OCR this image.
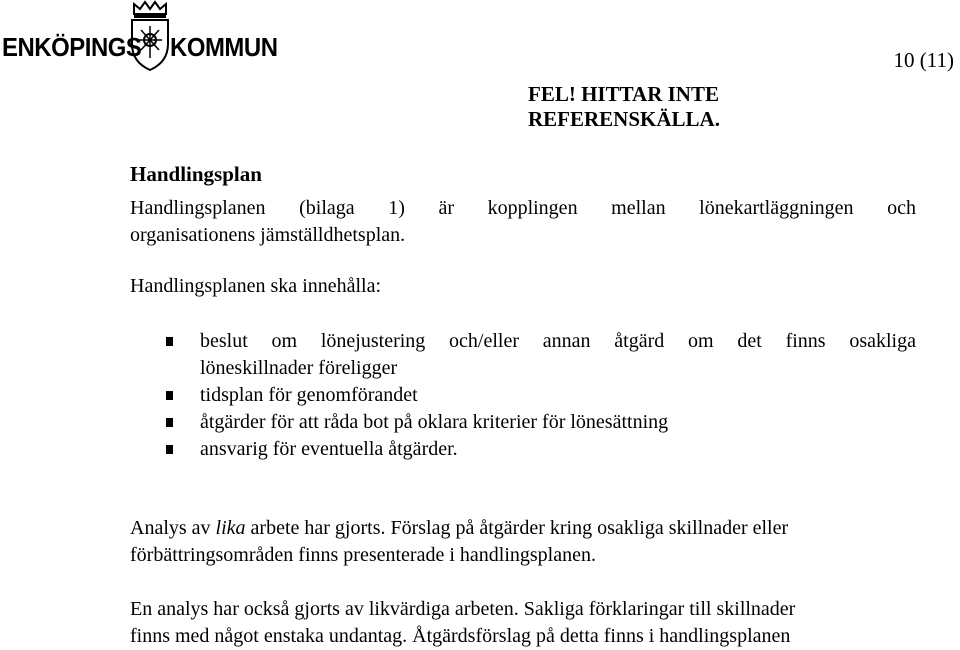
ENKÖPINGS KOMMUN	10 (11)
FEL! HITTAR INTE
REFERENSKÄLLA.
Handlingsplan
Handlingsplanen (bilaga 1) är kopplingen mellan lönekartläggningen och
organisationens jämställdhetsplan.
Handlingsplanen ska innehålla:
beslut om lönejustering och/eller annan åtgärd om det finns osakliga
löneskillnader föreligger
tidsplan för genomförandet
åtgärder för att råda bot på oklara kriterier för lönesättning
ansvarig för eventuella åtgärder.
Analys av lika arbete har gjorts. Förslag på åtgärder kring osakliga skillnader eller
förbättringsområden finns presenterade i handlingsplanen.
En analys har också gjorts av likvärdiga arbeten. Sakliga förklaringar till skillnader
finns med något enstaka undantag. Åtgärdsförslag på detta finns i handlingsplanen
